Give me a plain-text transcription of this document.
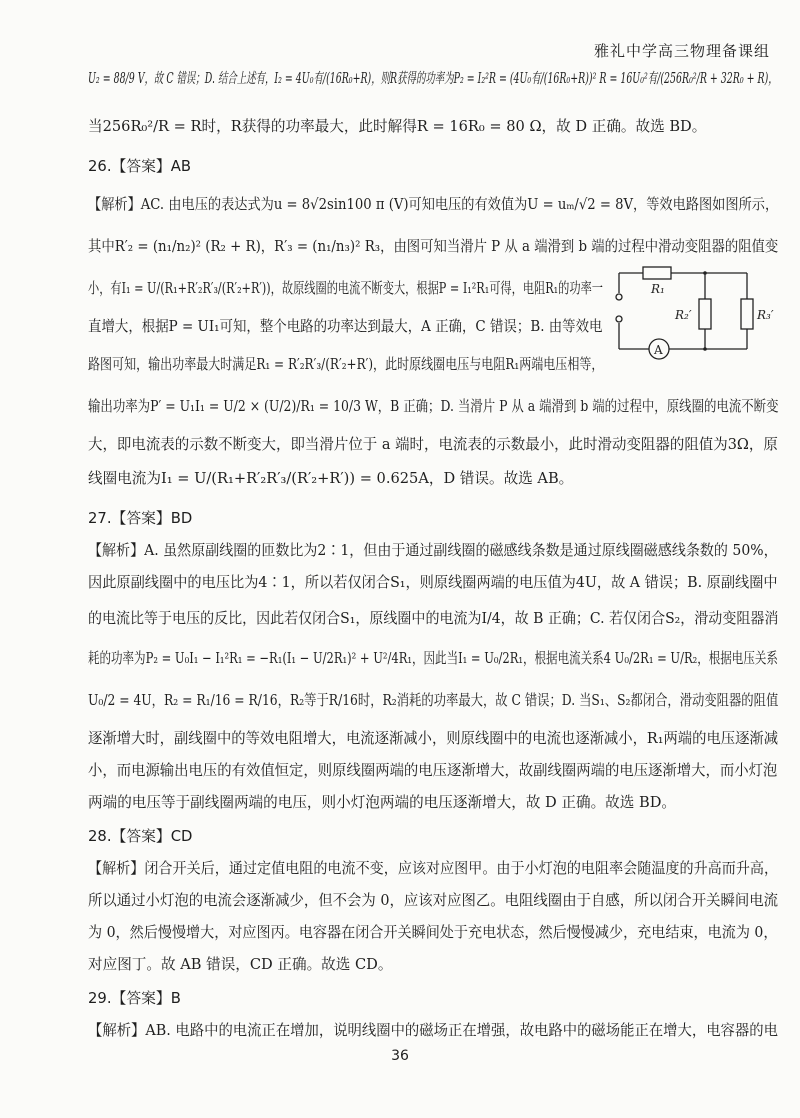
雅礼中学高三物理备课组

U₂ = 88/9 V，故 C 错误；D. 结合上述有，I₂ = 4U₀有/(16R₀+R)，则R获得的功率为P₂ = I₂²R = (4U₀有/(16R₀+R))² R = 16U₀²有/(256R₀²/R + 32R₀ + R)，

当256R₀²/R = R时，R获得的功率最大，此时解得R = 16R₀ = 80 Ω，故 D 正确。故选 BD。

26.【答案】AB

【解析】AC. 由电压的表达式为u = 8√2sin100 π (V)可知电压的有效值为U = uₘ/√2 = 8V，等效电路图如图所示，

其中R′₂ = (n₁/n₂)² (R₂ + R)，R′₃ = (n₁/n₃)² R₃，由图可知当滑片 P 从 a 端滑到 b 端的过程中滑动变阻器的阻值变

小，有I₁ = U/(R₁+R′₂R′₃/(R′₂+R′))，故原线圈的电流不断变大，根据P = I₁²R₁可得，电阻R₁的功率一

直增大，根据P = UI₁可知，整个电路的功率达到最大，A 正确，C 错误；B. 由等效电

路图可知，输出功率最大时满足R₁ = R′₂R′₃/(R′₂+R′)，此时原线圈电压与电阻R₁两端电压相等，

输出功率为P′ = U₁I₁ = U/2 × (U/2)/R₁ = 10/3 W，B 正确；D. 当滑片 P 从 a 端滑到 b 端的过程中，原线圈的电流不断变

大，即电流表的示数不断变大，即当滑片位于 a 端时，电流表的示数最小，此时滑动变阻器的阻值为3Ω，原

线圈电流为I₁ = U/(R₁+R′₂R′₃/(R′₂+R′)) = 0.625A，D 错误。故选 AB。

27.【答案】BD

【解析】A. 虽然原副线圈的匝数比为2∶1，但由于通过副线圈的磁感线条数是通过原线圈磁感线条数的 50%，

因此原副线圈中的电压比为4∶1，所以若仅闭合S₁，则原线圈两端的电压值为4U，故 A 错误；B. 原副线圈中

的电流比等于电压的反比，因此若仅闭合S₁，原线圈中的电流为I/4，故 B 正确；C. 若仅闭合S₂，滑动变阻器消

耗的功率为P₂ = U₀I₁ − I₁²R₁ = −R₁(I₁ − U/2R₁)² + U²/4R₁，因此当I₁ = U₀/2R₁，根据电流关系4 U₀/2R₁ = U/R₂，根据电压关系

U₀/2 = 4U，R₂ = R₁/16 = R/16，R₂等于R/16时，R₂消耗的功率最大，故 C 错误；D. 当S₁、S₂都闭合，滑动变阻器的阻值

逐渐增大时，副线圈中的等效电阻增大，电流逐渐减小，则原线圈中的电流也逐渐减小，R₁两端的电压逐渐减

小，而电源输出电压的有效值恒定，则原线圈两端的电压逐渐增大，故副线圈两端的电压逐渐增大，而小灯泡

两端的电压等于副线圈两端的电压，则小灯泡两端的电压逐渐增大，故 D 正确。故选 BD。

28.【答案】CD

【解析】闭合开关后，通过定值电阻的电流不变，应该对应图甲。由于小灯泡的电阻率会随温度的升高而升高，

所以通过小灯泡的电流会逐渐减少，但不会为 0，应该对应图乙。电阻线圈由于自感，所以闭合开关瞬间电流

为 0，然后慢慢增大，对应图丙。电容器在闭合开关瞬间处于充电状态，然后慢慢减少，充电结束，电流为 0，

对应图丁。故 AB 错误，CD 正确。故选 CD。

29.【答案】B

【解析】AB. 电路中的电流正在增加，说明线圈中的磁场正在增强，故电路中的磁场能正在增大，电容器的电

R₁
R₂′	R₃′
A
36
